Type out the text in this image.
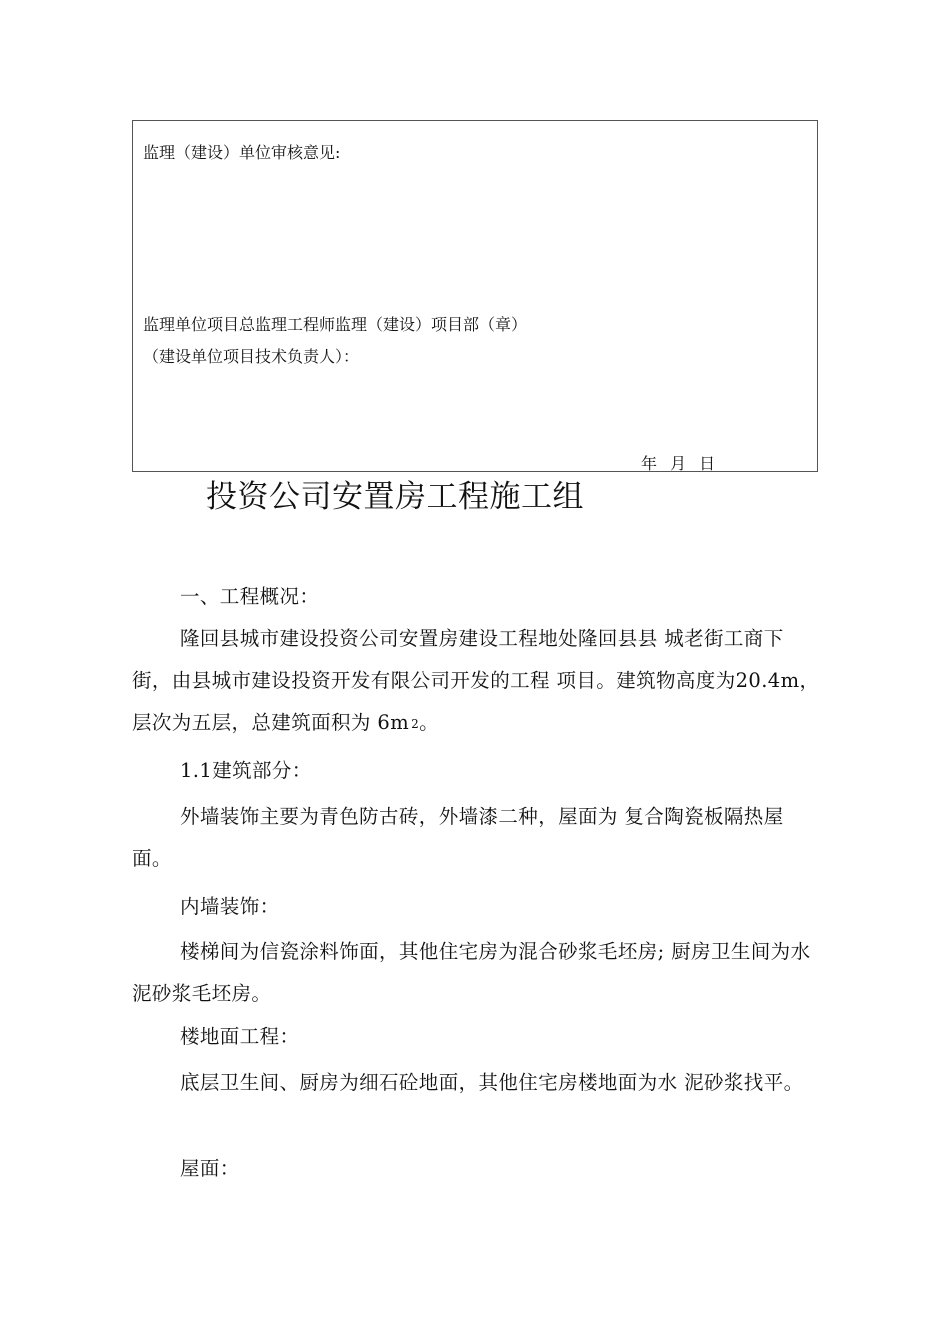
监理（建设）单位审核意见:
监理单位项目总监理工程师监理（建设）项目部（章）
（建设单位项目技术负责人）：
年 月 日
投资公司安置房工程施工组
一、工程概况：
隆回县城市建设投资公司安置房建设工程地处隆回县县 城老街工商下街，由县城市建设投资开发有限公司开发的工程 项目。建筑物高度为20.4m，层次为五层，总建筑面积为 6m 2。
1.1建筑部分：
外墙装饰主要为青色防古砖，外墙漆二种，屋面为 复合陶瓷板隔热屋面。
内墙装饰：
楼梯间为信瓷涂料饰面，其他住宅房为混合砂浆毛坯房; 厨房卫生间为水泥砂浆毛坯房。
楼地面工程：
底层卫生间、厨房为细石砼地面，其他住宅房楼地面为水 泥砂浆找平。
屋面：
